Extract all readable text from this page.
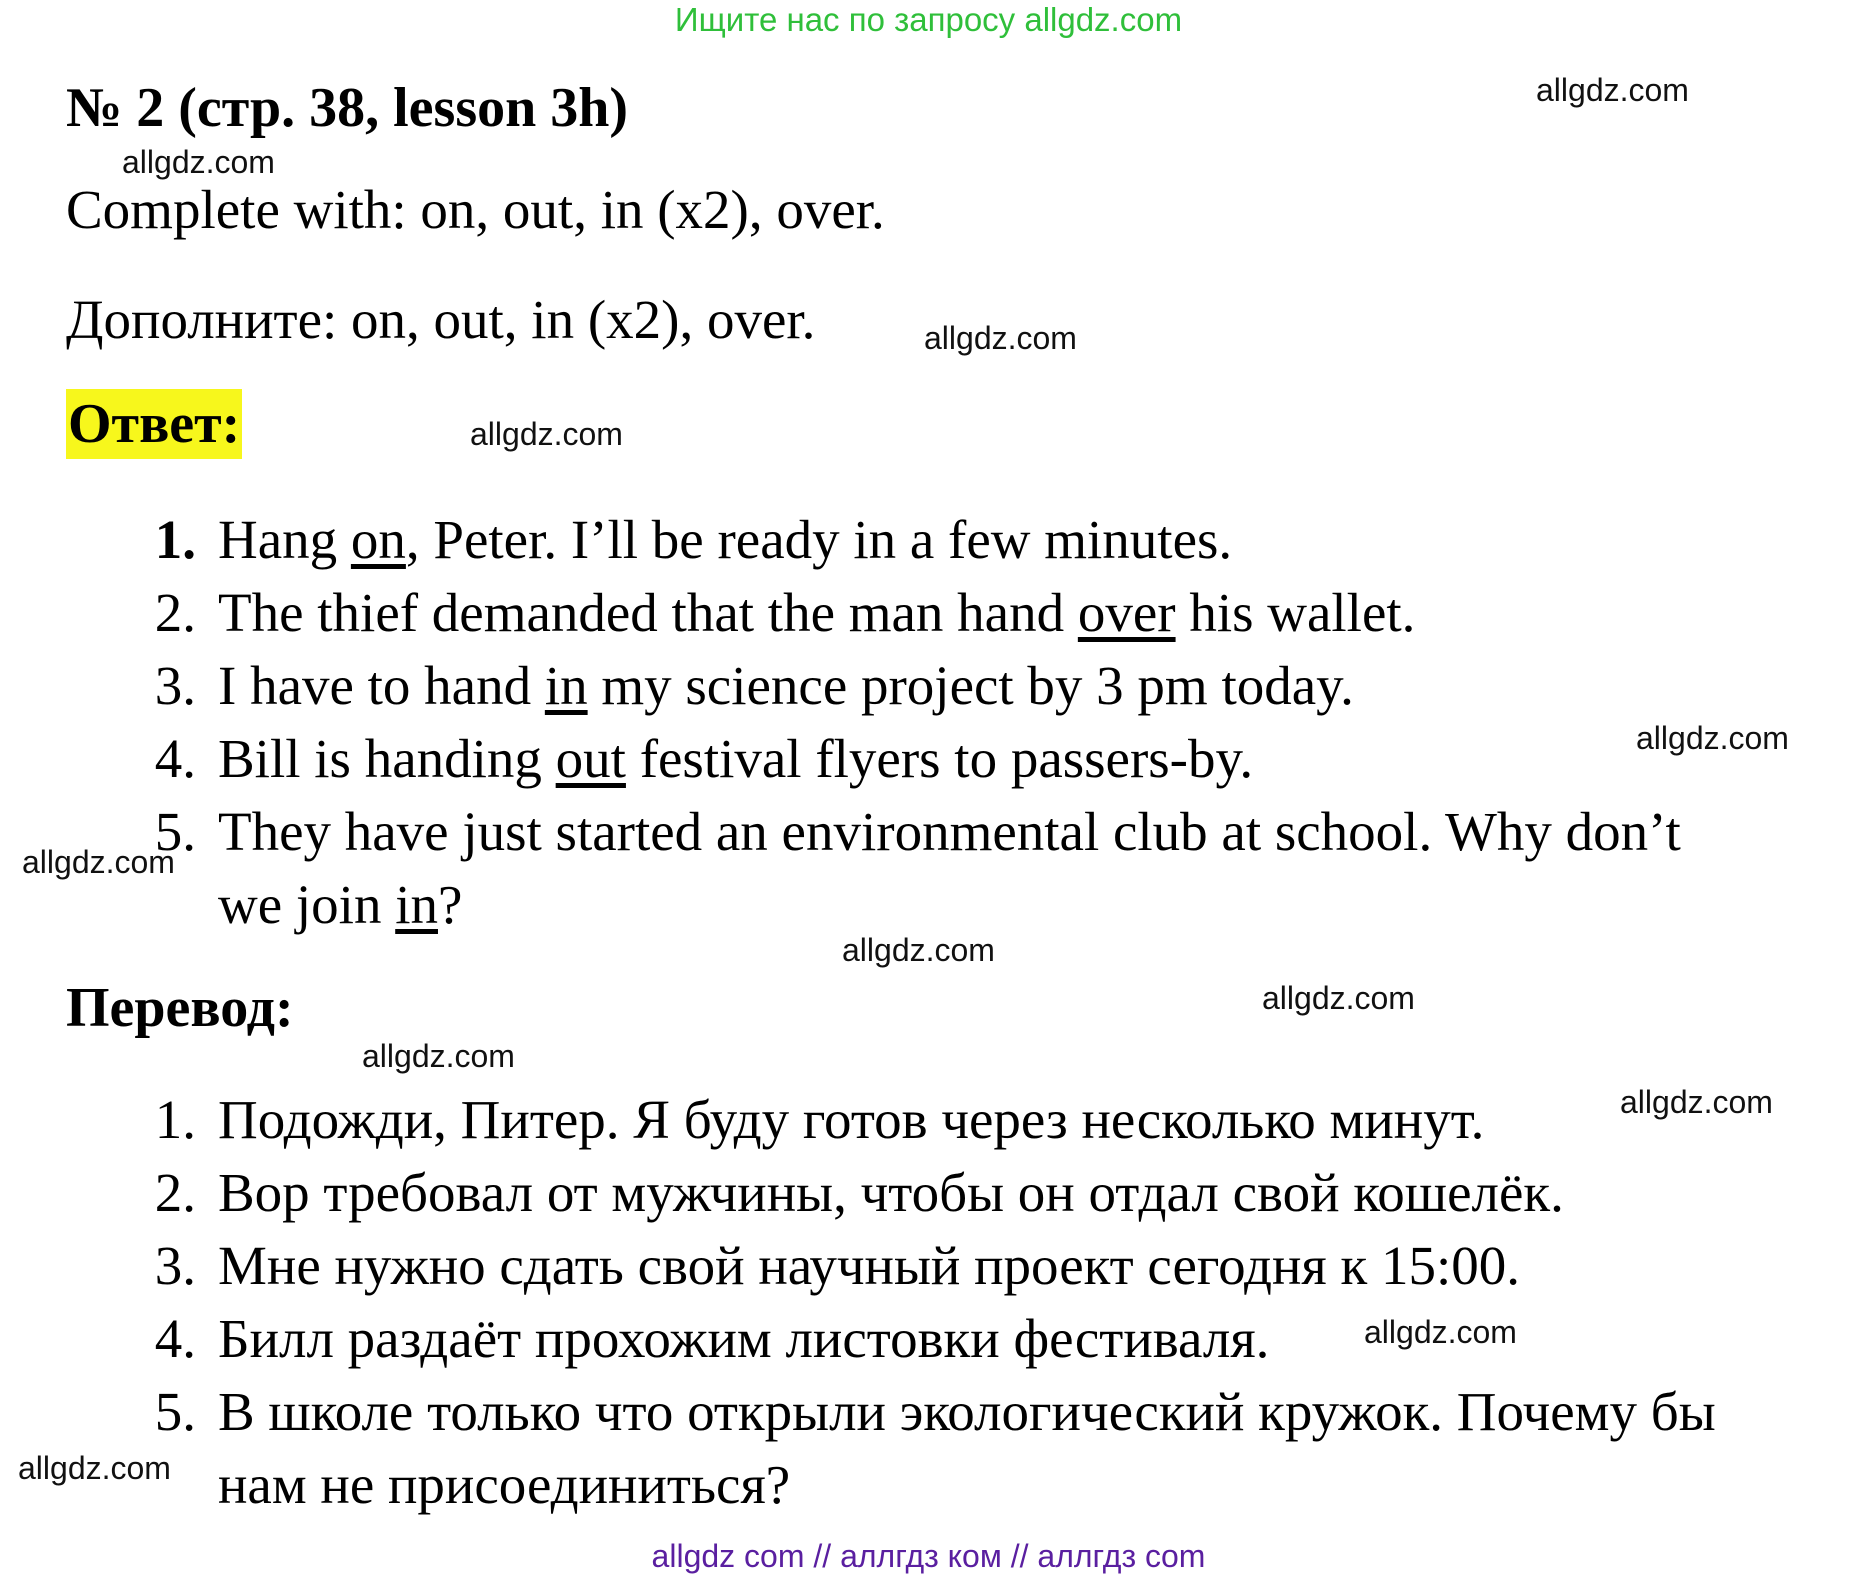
Ищите нас по запросу allgdz.com
№ 2 (стр. 38, lesson 3h)
Complete with: on, out, in (x2), over.
Дополните: on, out, in (x2), over.
Ответ:
1. Hang on, Peter. I’ll be ready in a few minutes.
2. The thief demanded that the man hand over his wallet.
3. I have to hand in my science project by 3 pm today.
4. Bill is handing out festival flyers to passers-by.
5. They have just started an environmental club at school. Why don’t
we join in?
Перевод:
1. Подожди, Питер. Я буду готов через несколько минут.
2. Вор требовал от мужчины, чтобы он отдал свой кошелёк.
3. Мне нужно сдать свой научный проект сегодня к 15:00.
4. Билл раздаёт прохожим листовки фестиваля.
5. В школе только что открыли экологический кружок. Почему бы
нам не присоединиться?
allgdz.com
allgdz.com
allgdz.com
allgdz.com
allgdz.com
allgdz.com
allgdz.com
allgdz.com
allgdz.com
allgdz.com
allgdz.com
allgdz.com
allgdz com // аллгдз ком // аллгдз com
